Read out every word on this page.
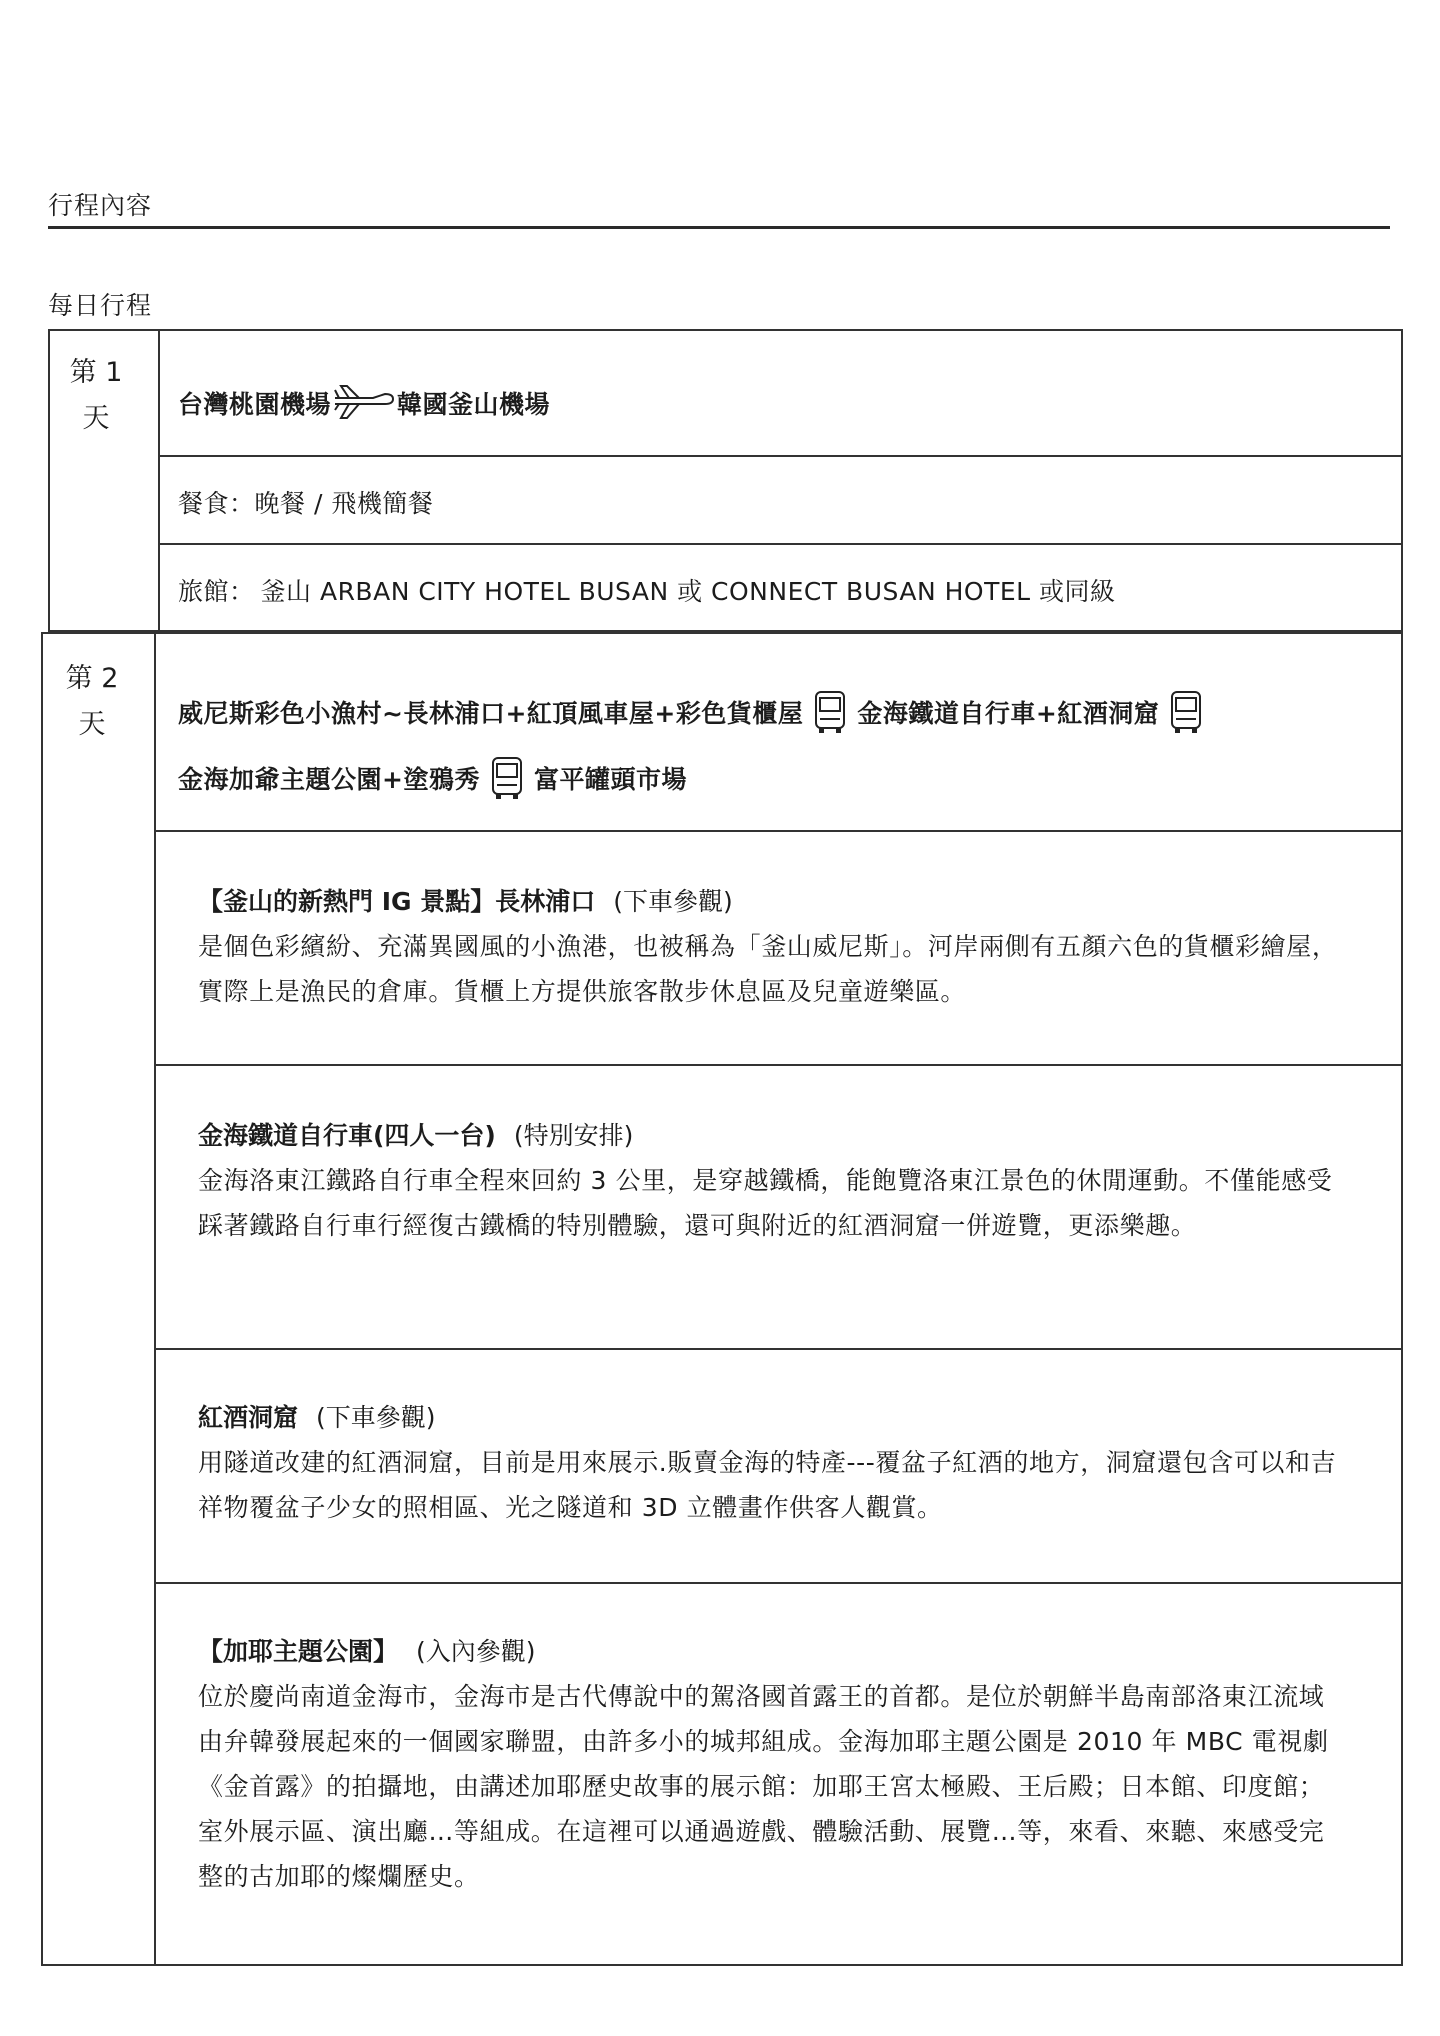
行程內容
每日行程
第 1
天	台灣桃園機場	韓國釜山機場
餐食：晚餐 / 飛機簡餐
旅館： 釜山 ARBAN CITY HOTEL BUSAN 或 CONNECT BUSAN HOTEL 或同級
第 2
天	威尼斯彩色小漁村~長林浦口+紅頂風車屋+彩色貨櫃屋 金海鐵道自行車+紅酒洞窟
金海加爺主題公園+塗鴉秀 富平罐頭市場
【釜山的新熱門 IG 景點】長林浦口 (下車參觀)
是個色彩繽紛、充滿異國風的小漁港，也被稱為「釜山威尼斯」。河岸兩側有五顏六色的貨櫃彩繪屋，實際上是漁民的倉庫。貨櫃上方提供旅客散步休息區及兒童遊樂區。
金海鐵道自行車(四人一台) (特別安排)
金海洛東江鐵路自行車全程來回約 3 公里，是穿越鐵橋，能飽覽洛東江景色的休閒運動。不僅能感受踩著鐵路自行車行經復古鐵橋的特別體驗，還可與附近的紅酒洞窟一併遊覽，更添樂趣。
紅酒洞窟 (下車參觀)
用隧道改建的紅酒洞窟，目前是用來展示.販賣金海的特產---覆盆子紅酒的地方，洞窟還包含可以和吉祥物覆盆子少女的照相區、光之隧道和 3D 立體畫作供客人觀賞。
【加耶主題公園】 (入內參觀)
位於慶尚南道金海市，金海市是古代傳說中的駕洛國首露王的首都。是位於朝鮮半島南部洛東江流域由弁韓發展起來的一個國家聯盟，由許多小的城邦組成。金海加耶主題公園是 2010 年 MBC 電視劇《金首露》的拍攝地，由講述加耶歷史故事的展示館：加耶王宮太極殿、王后殿；日本館、印度館；室外展示區、演出廳…等組成。在這裡可以通過遊戲、體驗活動、展覽…等，來看、來聽、來感受完整的古加耶的燦爛歷史。
